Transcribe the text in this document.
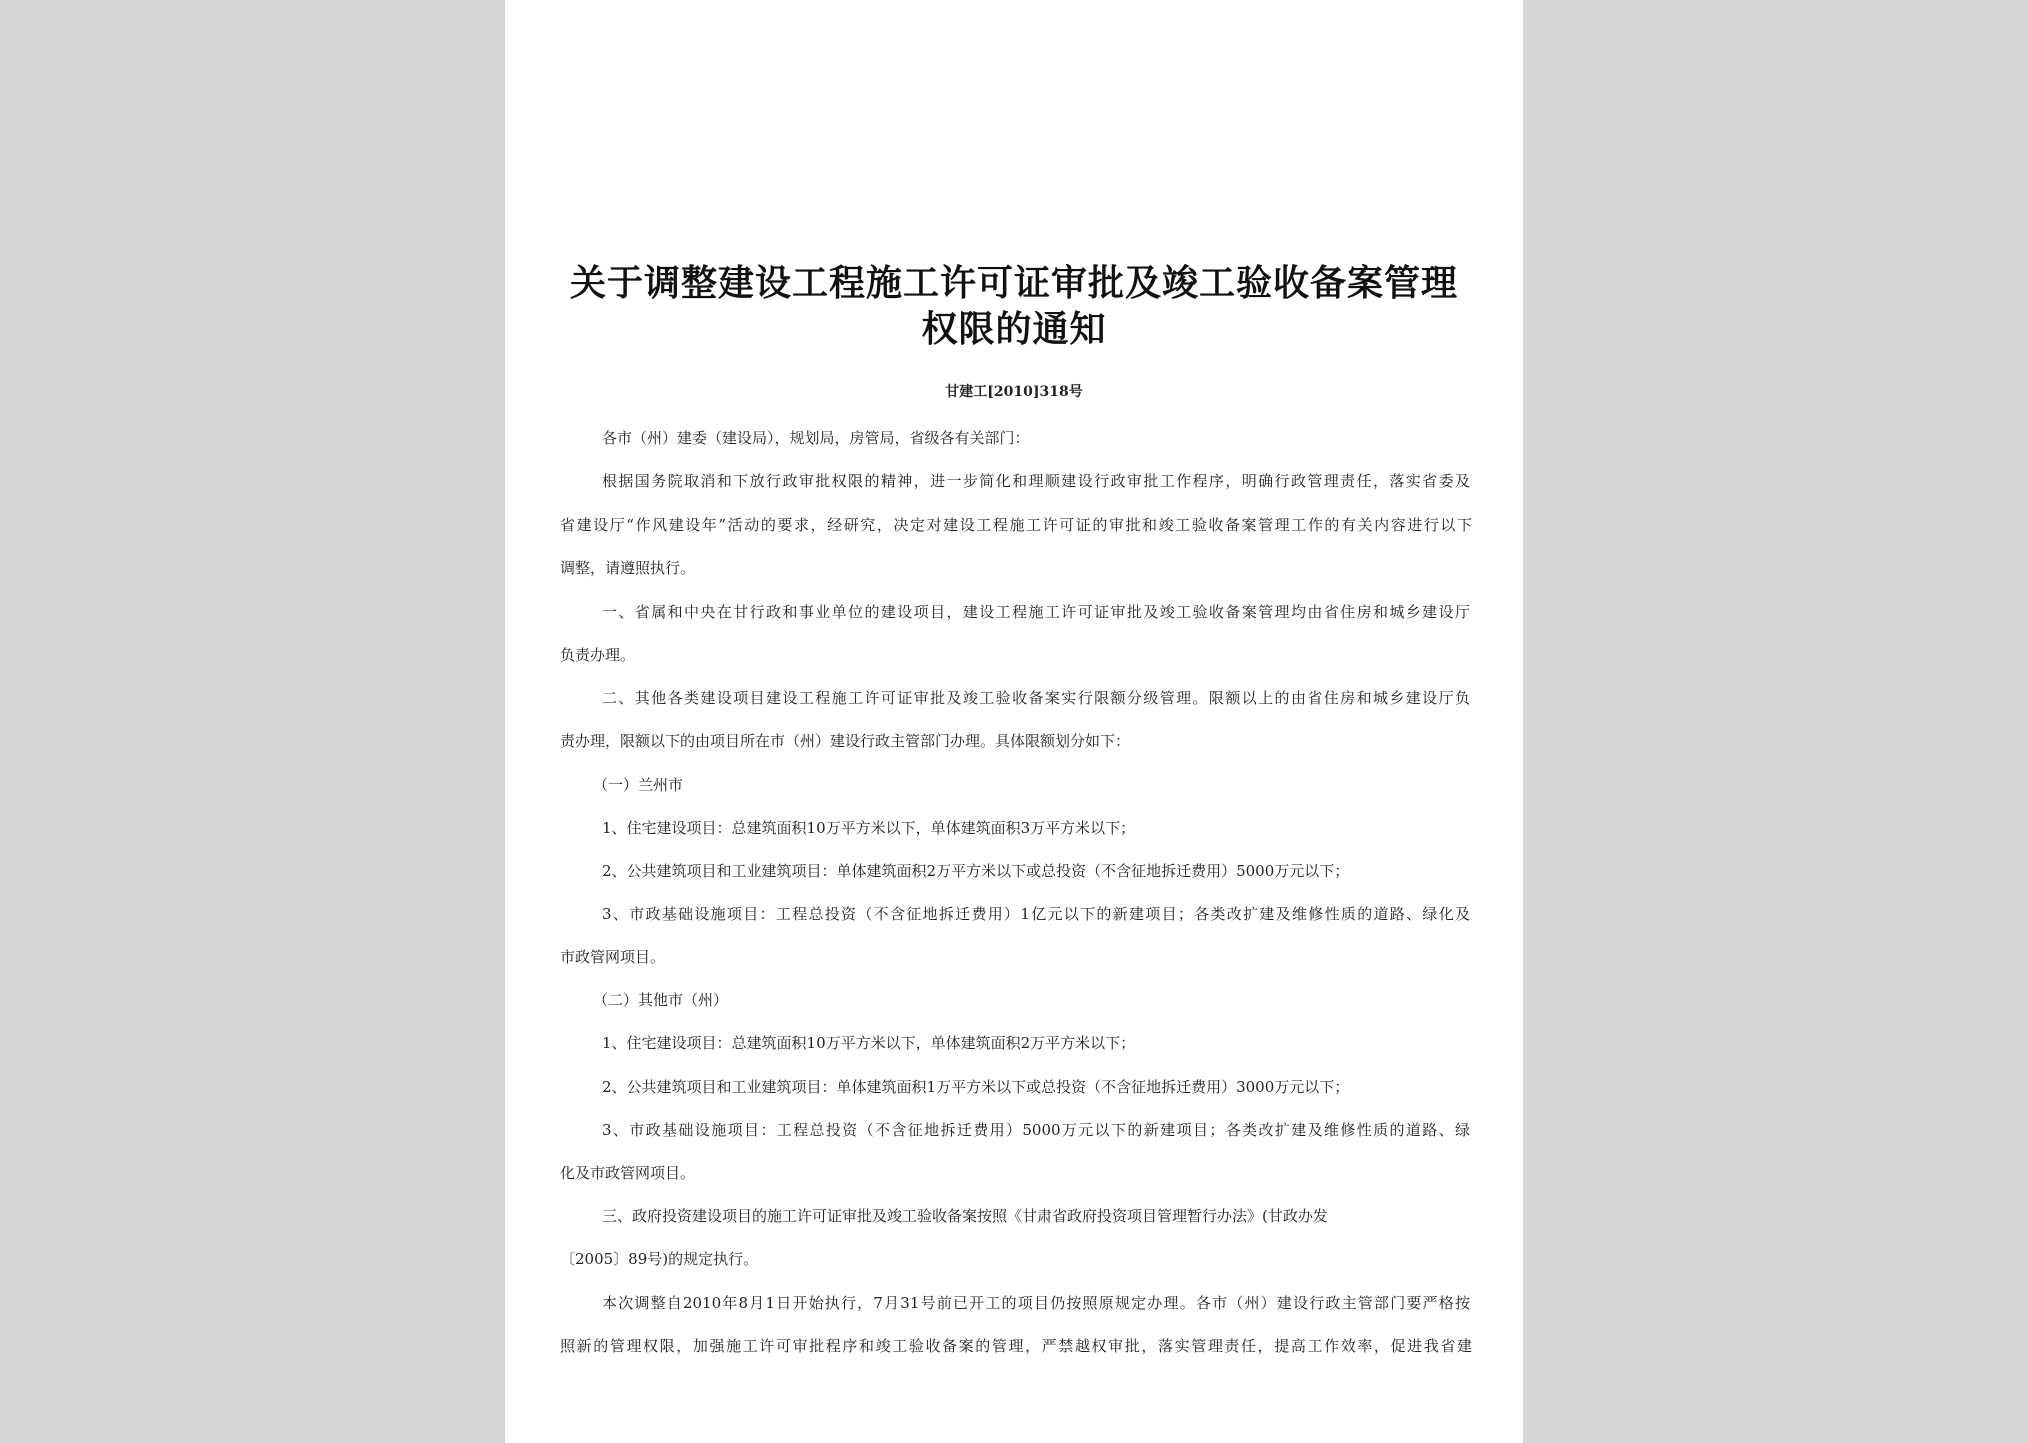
关于调整建设工程施工许可证审批及竣工验收备案管理
权限的通知
甘建工[2010]318号
各市（州）建委（建设局），规划局，房管局，省级各有关部门：
根据国务院取消和下放行政审批权限的精神，进一步简化和理顺建设行政审批工作程序，明确行政管理责任，落实省委及
省建设厅“作风建设年”活动的要求，经研究，决定对建设工程施工许可证的审批和竣工验收备案管理工作的有关内容进行以下
调整，请遵照执行。
一、省属和中央在甘行政和事业单位的建设项目，建设工程施工许可证审批及竣工验收备案管理均由省住房和城乡建设厅
负责办理。
二、其他各类建设项目建设工程施工许可证审批及竣工验收备案实行限额分级管理。限额以上的由省住房和城乡建设厅负
责办理，限额以下的由项目所在市（州）建设行政主管部门办理。具体限额划分如下：
（一）兰州市
1、住宅建设项目：总建筑面积10万平方米以下，单体建筑面积3万平方米以下；
2、公共建筑项目和工业建筑项目：单体建筑面积2万平方米以下或总投资（不含征地拆迁费用）5000万元以下；
3、市政基础设施项目：工程总投资（不含征地拆迁费用）1亿元以下的新建项目；各类改扩建及维修性质的道路、绿化及
市政管网项目。
（二）其他市（州）
1、住宅建设项目：总建筑面积10万平方米以下，单体建筑面积2万平方米以下；
2、公共建筑项目和工业建筑项目：单体建筑面积1万平方米以下或总投资（不含征地拆迁费用）3000万元以下；
3、市政基础设施项目：工程总投资（不含征地拆迁费用）5000万元以下的新建项目；各类改扩建及维修性质的道路、绿
化及市政管网项目。
三、政府投资建设项目的施工许可证审批及竣工验收备案按照《甘肃省政府投资项目管理暂行办法》(甘政办发
〔2005〕89号)的规定执行。
本次调整自2010年8月1日开始执行，7月31号前已开工的项目仍按照原规定办理。各市（州）建设行政主管部门要严格按
照新的管理权限，加强施工许可审批程序和竣工验收备案的管理，严禁越权审批，落实管理责任，提高工作效率，促进我省建
